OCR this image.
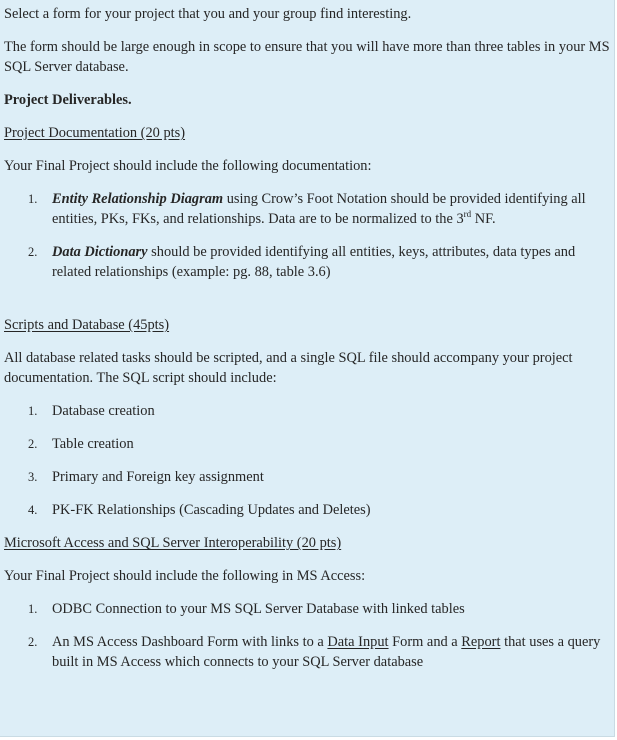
Select a form for your project that you and your group find interesting.

The form should be large enough in scope to ensure that you will have more than three tables in your MS SQL Server database.

Project Deliverables.

Project Documentation (20 pts)

Your Final Project should include the following documentation:

1. Entity Relationship Diagram using Crow’s Foot Notation should be provided identifying all entities, PKs, FKs, and relationships. Data are to be normalized to the 3rd NF.
2. Data Dictionary should be provided identifying all entities, keys, attributes, data types and related relationships (example: pg. 88, table 3.6)

Scripts and Database (45pts)

All database related tasks should be scripted, and a single SQL file should accompany your project documentation. The SQL script should include:

1. Database creation
2. Table creation
3. Primary and Foreign key assignment
4. PK-FK Relationships (Cascading Updates and Deletes)

Microsoft Access and SQL Server Interoperability (20 pts)

Your Final Project should include the following in MS Access:

1. ODBC Connection to your MS SQL Server Database with linked tables
2. An MS Access Dashboard Form with links to a Data Input Form and a Report that uses a query built in MS Access which connects to your SQL Server database
